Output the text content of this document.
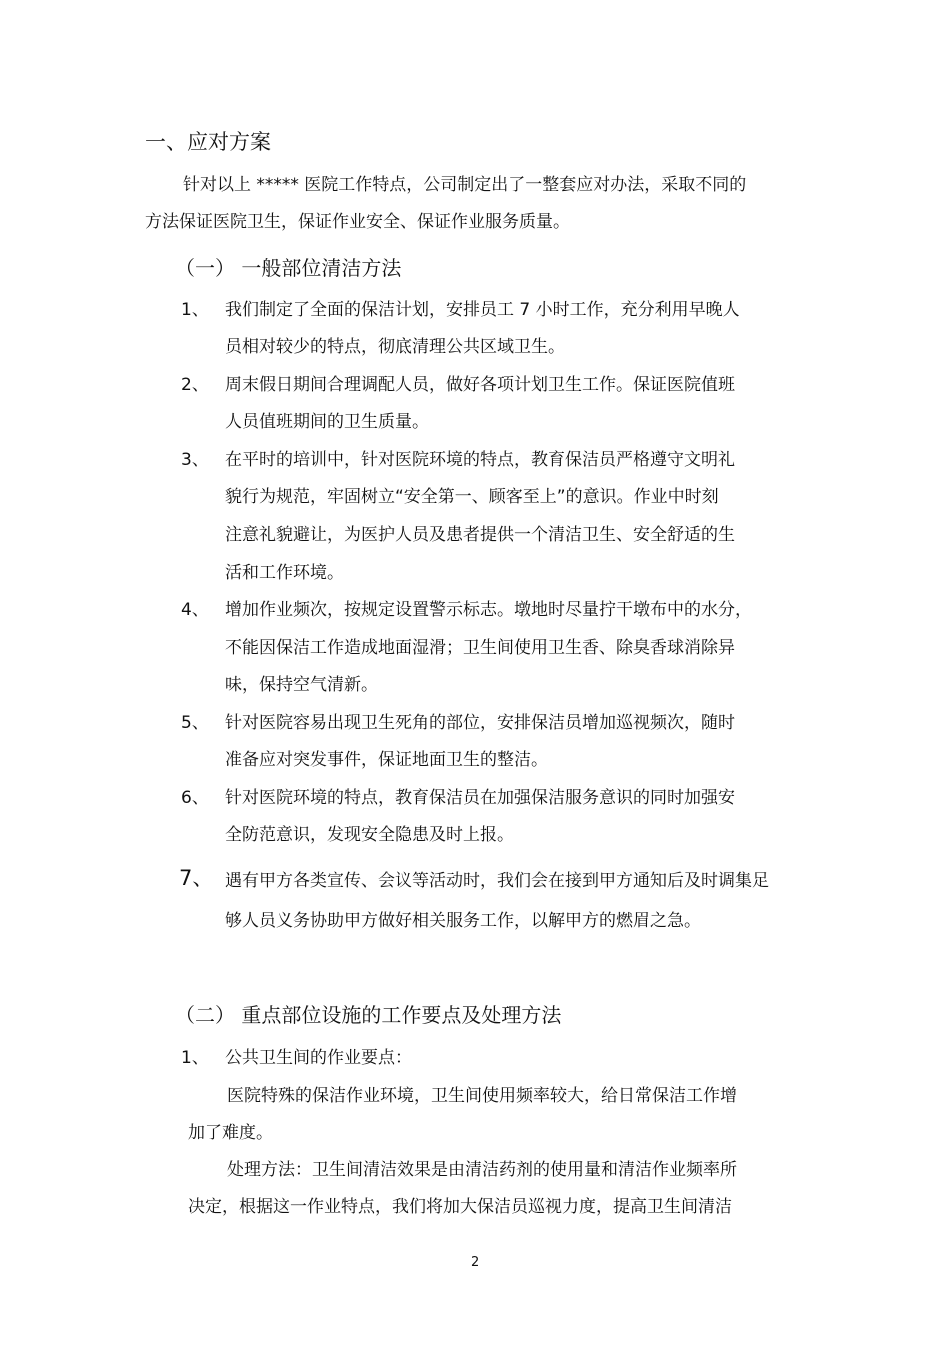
一、应对方案
针对以上 ***** 医院工作特点，公司制定出了一整套应对办法，采取不同的
方法保证医院卫生，保证作业安全、保证作业服务质量。
（一） 一般部位清洁方法
1、 我们制定了全面的保洁计划，安排员工 7 小时工作，充分利用早晚人
员相对较少的特点，彻底清理公共区域卫生。
2、 周末假日期间合理调配人员，做好各项计划卫生工作。保证医院值班
人员值班期间的卫生质量。
3、 在平时的培训中，针对医院环境的特点，教育保洁员严格遵守文明礼
貌行为规范，牢固树立“安全第一、顾客至上”的意识。作业中时刻
注意礼貌避让，为医护人员及患者提供一个清洁卫生、安全舒适的生
活和工作环境。
4、 增加作业频次，按规定设置警示标志。墩地时尽量拧干墩布中的水分，
不能因保洁工作造成地面湿滑；卫生间使用卫生香、除臭香球消除异
味，保持空气清新。
5、 针对医院容易出现卫生死角的部位，安排保洁员增加巡视频次，随时
准备应对突发事件，保证地面卫生的整洁。
6、 针对医院环境的特点，教育保洁员在加强保洁服务意识的同时加强安
全防范意识，发现安全隐患及时上报。
7、 遇有甲方各类宣传、会议等活动时，我们会在接到甲方通知后及时调集足
够人员义务协助甲方做好相关服务工作，以解甲方的燃眉之急。
（二） 重点部位设施的工作要点及处理方法
1、 公共卫生间的作业要点：
医院特殊的保洁作业环境，卫生间使用频率较大，给日常保洁工作增
加了难度。
处理方法：卫生间清洁效果是由清洁药剂的使用量和清洁作业频率所
决定，根据这一作业特点，我们将加大保洁员巡视力度，提高卫生间清洁
2
